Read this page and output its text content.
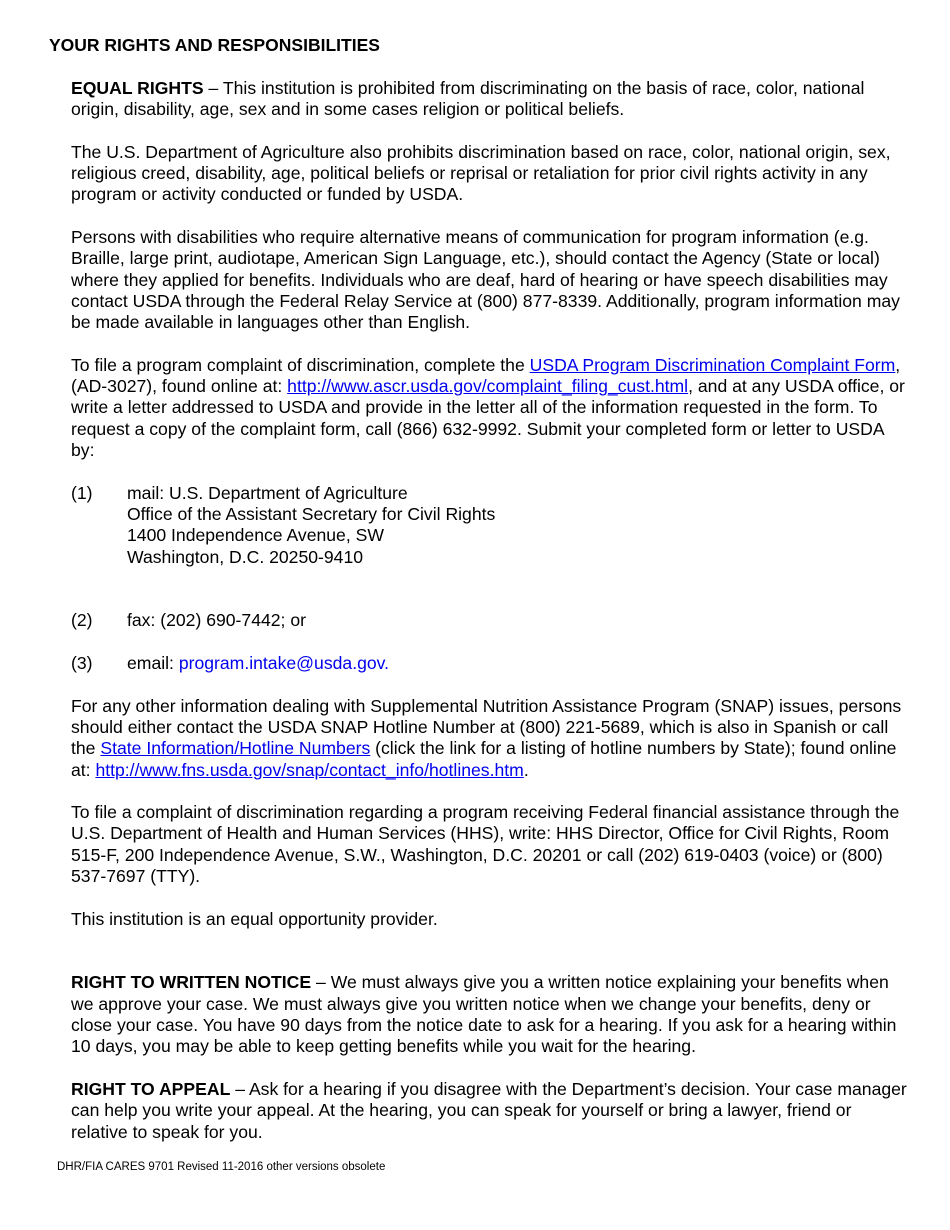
YOUR RIGHTS AND RESPONSIBILITIES

EQUAL RIGHTS – This institution is prohibited from discriminating on the basis of race, color, national origin, disability, age, sex and in some cases religion or political beliefs.

The U.S. Department of Agriculture also prohibits discrimination based on race, color, national origin, sex, religious creed, disability, age, political beliefs or reprisal or retaliation for prior civil rights activity in any program or activity conducted or funded by USDA.

Persons with disabilities who require alternative means of communication for program information (e.g. Braille, large print, audiotape, American Sign Language, etc.), should contact the Agency (State or local) where they applied for benefits. Individuals who are deaf, hard of hearing or have speech disabilities may contact USDA through the Federal Relay Service at (800) 877-8339. Additionally, program information may be made available in languages other than English.

To file a program complaint of discrimination, complete the USDA Program Discrimination Complaint Form, (AD-3027), found online at: http://www.ascr.usda.gov/complaint_filing_cust.html, and at any USDA office, or write a letter addressed to USDA and provide in the letter all of the information requested in the form. To request a copy of the complaint form, call (866) 632-9992. Submit your completed form or letter to USDA by:

(1)	mail: U.S. Department of Agriculture
Office of the Assistant Secretary for Civil Rights
1400 Independence Avenue, SW
Washington, D.C. 20250-9410
(2)	fax: (202) 690-7442; or
(3)	email: program.intake@usda.gov.

For any other information dealing with Supplemental Nutrition Assistance Program (SNAP) issues, persons should either contact the USDA SNAP Hotline Number at (800) 221-5689, which is also in Spanish or call the State Information/Hotline Numbers (click the link for a listing of hotline numbers by State); found online at: http://www.fns.usda.gov/snap/contact_info/hotlines.htm.

To file a complaint of discrimination regarding a program receiving Federal financial assistance through the U.S. Department of Health and Human Services (HHS), write: HHS Director, Office for Civil Rights, Room 515-F, 200 Independence Avenue, S.W., Washington, D.C. 20201 or call (202) 619-0403 (voice) or (800) 537-7697 (TTY).

This institution is an equal opportunity provider.

RIGHT TO WRITTEN NOTICE – We must always give you a written notice explaining your benefits when we approve your case. We must always give you written notice when we change your benefits, deny or close your case. You have 90 days from the notice date to ask for a hearing. If you ask for a hearing within 10 days, you may be able to keep getting benefits while you wait for the hearing.

RIGHT TO APPEAL – Ask for a hearing if you disagree with the Department’s decision. Your case manager can help you write your appeal. At the hearing, you can speak for yourself or bring a lawyer, friend or relative to speak for you.

DHR/FIA CARES 9701 Revised 11-2016 other versions obsolete
